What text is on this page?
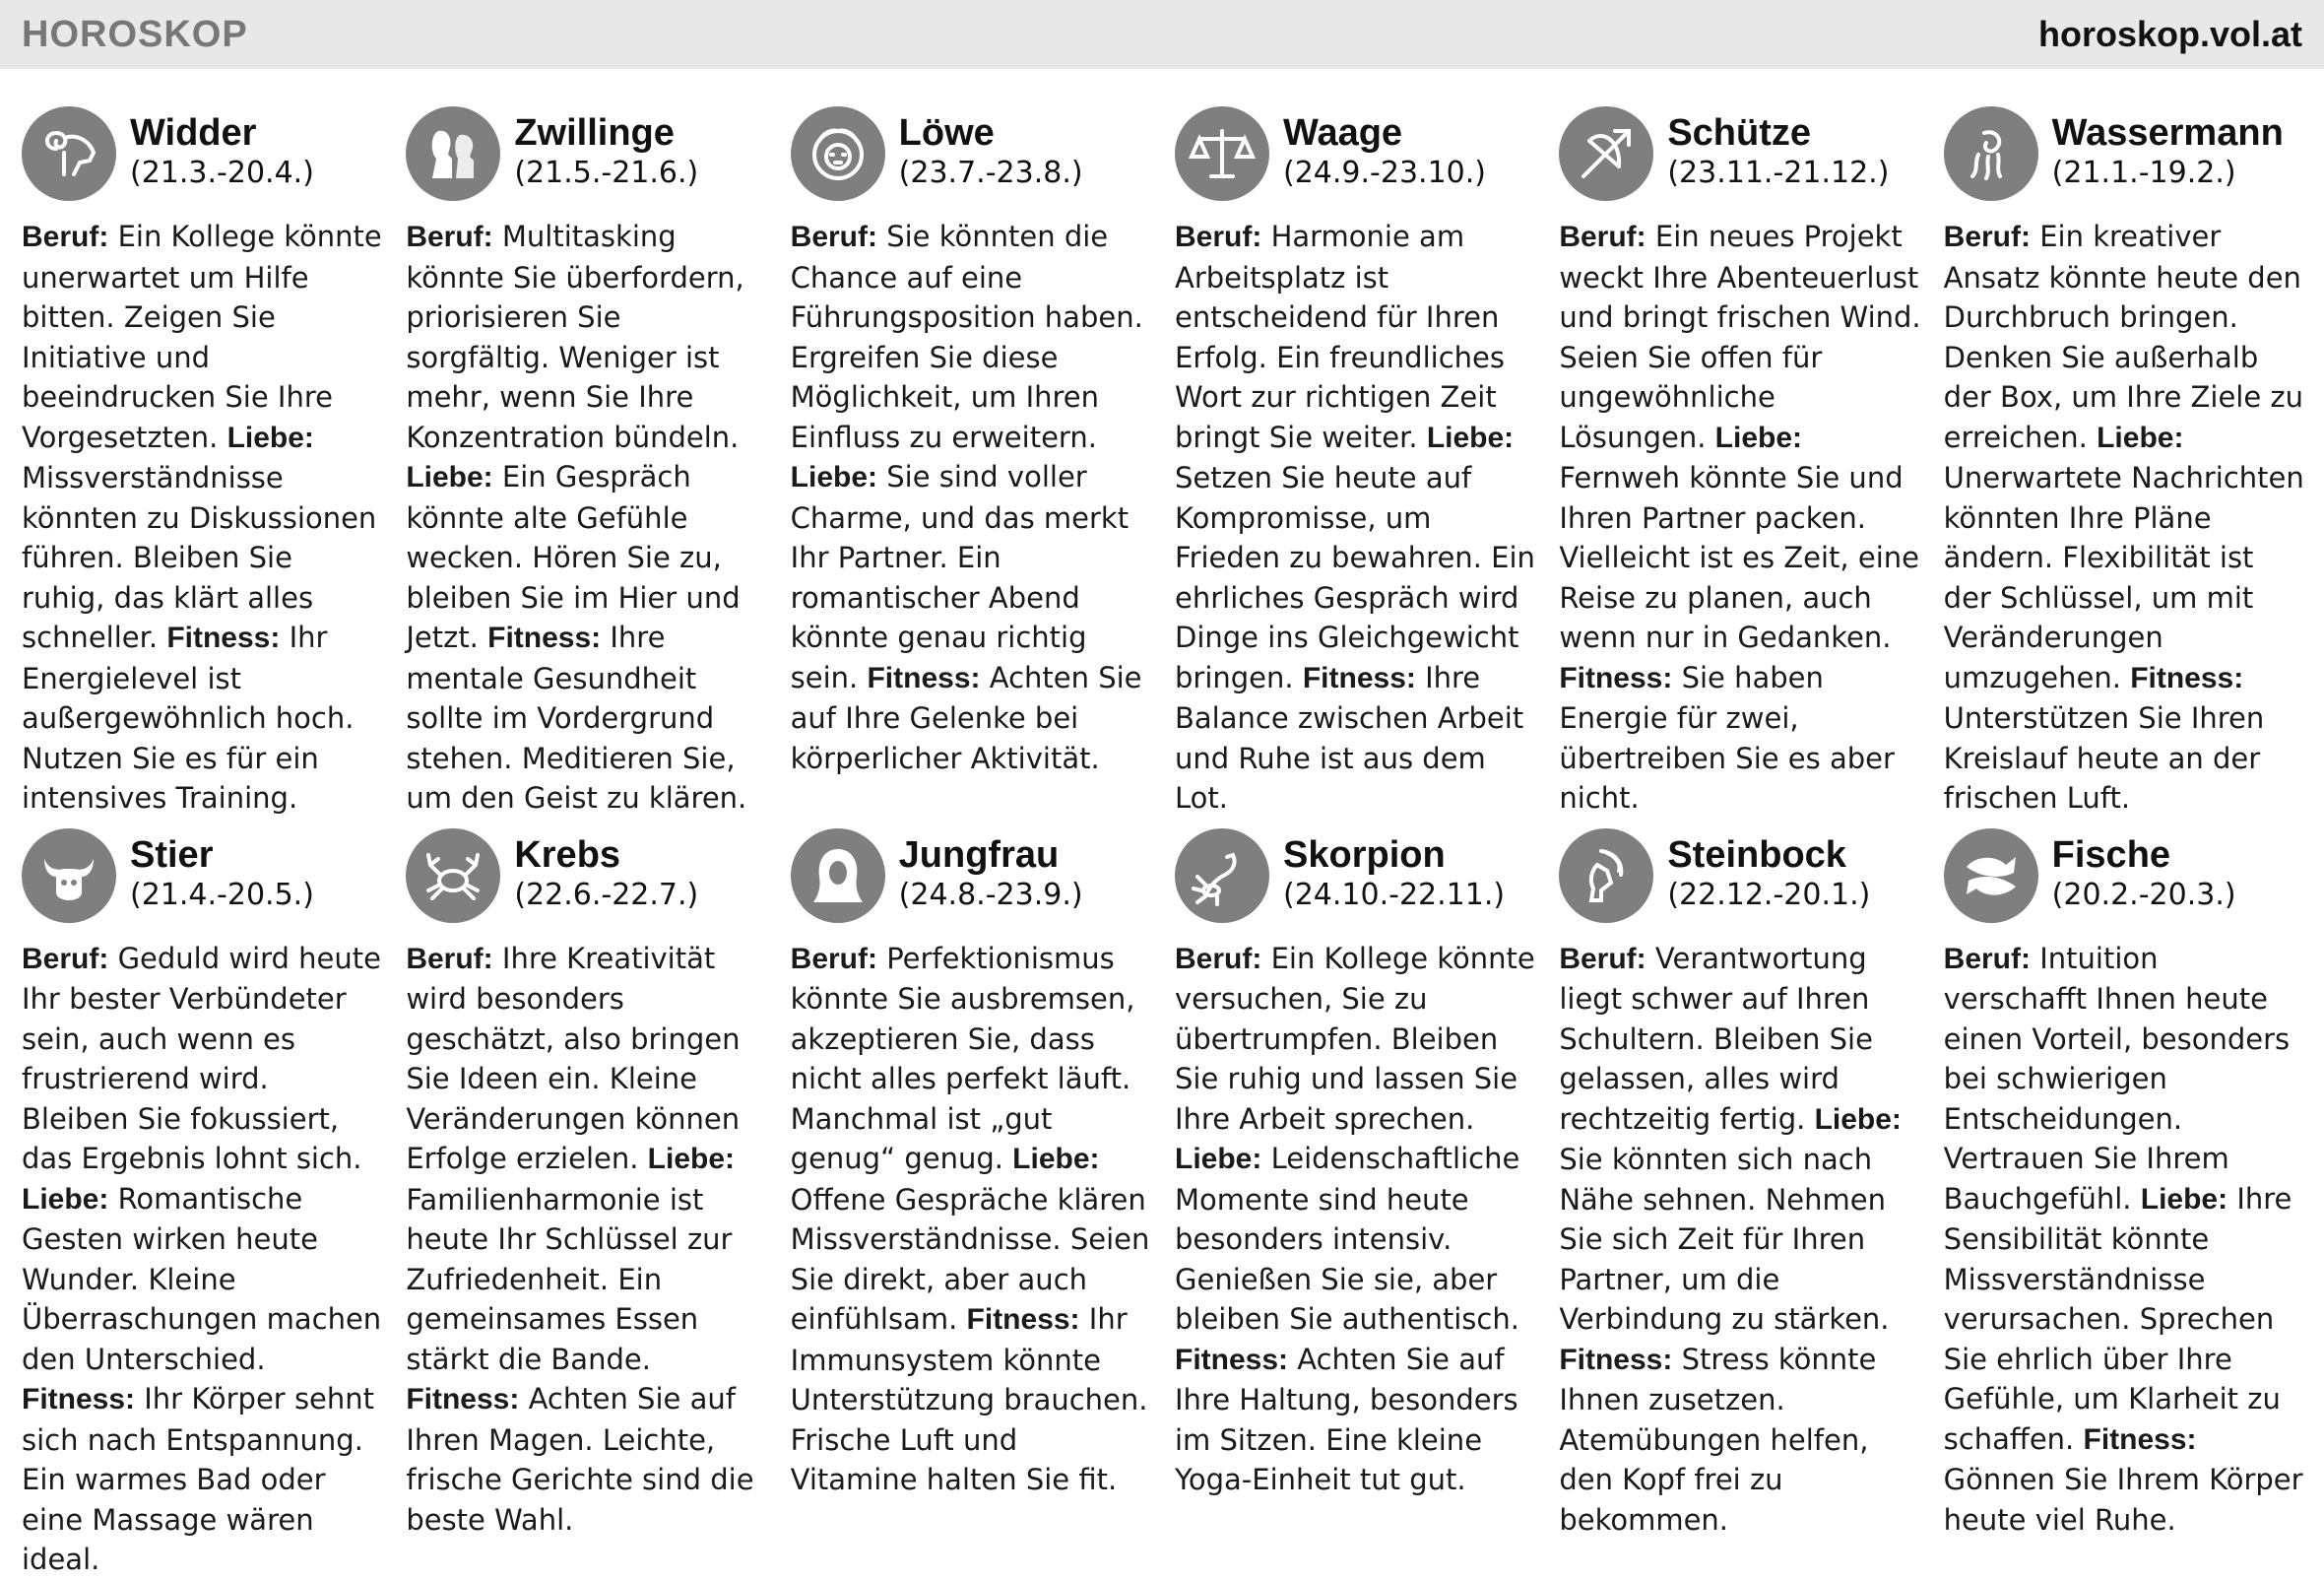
HOROSKOP	horoskop.vol.at
Widder
(21.3.-20.4.)

Beruf: Ein Kollege könnte unerwartet um Hilfe bitten. Zeigen Sie Initiative und beeindrucken Sie Ihre Vorgesetzten. Liebe: Missverständnisse könnten zu Diskussionen führen. Bleiben Sie ruhig, das klärt alles schneller. Fitness: Ihr Energielevel ist außergewöhnlich hoch. Nutzen Sie es für ein intensives Training.

Zwillinge
(21.5.-21.6.)

Beruf: Multitasking könnte Sie überfordern, priorisieren Sie sorgfältig. Weniger ist mehr, wenn Sie Ihre Konzentration bündeln. Liebe: Ein Gespräch könnte alte Gefühle wecken. Hören Sie zu, bleiben Sie im Hier und Jetzt. Fitness: Ihre mentale Gesundheit sollte im Vordergrund stehen. Meditieren Sie, um den Geist zu klären.

Löwe
(23.7.-23.8.)

Beruf: Sie könnten die Chance auf eine Führungsposition haben. Ergreifen Sie diese Möglichkeit, um Ihren Einfluss zu erweitern. Liebe: Sie sind voller Charme, und das merkt Ihr Partner. Ein romantischer Abend könnte genau richtig sein. Fitness: Achten Sie auf Ihre Gelenke bei körperlicher Aktivität.

Waage
(24.9.-23.10.)

Beruf: Harmonie am Arbeitsplatz ist entscheidend für Ihren Erfolg. Ein freundliches Wort zur richtigen Zeit bringt Sie weiter. Liebe: Setzen Sie heute auf Kompromisse, um Frieden zu bewahren. Ein ehrliches Gespräch wird Dinge ins Gleichgewicht bringen. Fitness: Ihre Balance zwischen Arbeit und Ruhe ist aus dem Lot.

Schütze
(23.11.-21.12.)

Beruf: Ein neues Projekt weckt Ihre Abenteuerlust und bringt frischen Wind. Seien Sie offen für ungewöhnliche Lösungen. Liebe: Fernweh könnte Sie und Ihren Partner packen. Vielleicht ist es Zeit, eine Reise zu planen, auch wenn nur in Gedanken. Fitness: Sie haben Energie für zwei, übertreiben Sie es aber nicht.

Wassermann
(21.1.-19.2.)

Beruf: Ein kreativer Ansatz könnte heute den Durchbruch bringen. Denken Sie außerhalb der Box, um Ihre Ziele zu erreichen. Liebe: Unerwartete Nachrichten könnten Ihre Pläne ändern. Flexibilität ist der Schlüssel, um mit Veränderungen umzugehen. Fitness: Unterstützen Sie Ihren Kreislauf heute an der frischen Luft.

Stier
(21.4.-20.5.)

Beruf: Geduld wird heute Ihr bester Verbündeter sein, auch wenn es frustrierend wird. Bleiben Sie fokussiert, das Ergebnis lohnt sich. Liebe: Romantische Gesten wirken heute Wunder. Kleine Überraschungen machen den Unterschied. Fitness: Ihr Körper sehnt sich nach Entspannung. Ein warmes Bad oder eine Massage wären ideal.

Krebs
(22.6.-22.7.)

Beruf: Ihre Kreativität wird besonders geschätzt, also bringen Sie Ideen ein. Kleine Veränderungen können Erfolge erzielen. Liebe: Familienharmonie ist heute Ihr Schlüssel zur Zufriedenheit. Ein gemeinsames Essen stärkt die Bande. Fitness: Achten Sie auf Ihren Magen. Leichte, frische Gerichte sind die beste Wahl.

Jungfrau
(24.8.-23.9.)

Beruf: Perfektionismus könnte Sie ausbremsen, akzeptieren Sie, dass nicht alles perfekt läuft. Manchmal ist „gut genug“ genug. Liebe: Offene Gespräche klären Missverständnisse. Seien Sie direkt, aber auch einfühlsam. Fitness: Ihr Immunsystem könnte Unterstützung brauchen. Frische Luft und Vitamine halten Sie fit.

Skorpion
(24.10.-22.11.)

Beruf: Ein Kollege könnte versuchen, Sie zu übertrumpfen. Bleiben Sie ruhig und lassen Sie Ihre Arbeit sprechen. Liebe: Leidenschaftliche Momente sind heute besonders intensiv. Genießen Sie sie, aber bleiben Sie authentisch. Fitness: Achten Sie auf Ihre Haltung, besonders im Sitzen. Eine kleine Yoga-Einheit tut gut.

Steinbock
(22.12.-20.1.)

Beruf: Verantwortung liegt schwer auf Ihren Schultern. Bleiben Sie gelassen, alles wird rechtzeitig fertig. Liebe: Sie könnten sich nach Nähe sehnen. Nehmen Sie sich Zeit für Ihren Partner, um die Verbindung zu stärken. Fitness: Stress könnte Ihnen zusetzen. Atemübungen helfen, den Kopf frei zu bekommen.

Fische
(20.2.-20.3.)

Beruf: Intuition verschafft Ihnen heute einen Vorteil, besonders bei schwierigen Entscheidungen. Vertrauen Sie Ihrem Bauchgefühl. Liebe: Ihre Sensibilität könnte Missverständnisse verursachen. Sprechen Sie ehrlich über Ihre Gefühle, um Klarheit zu schaffen. Fitness: Gönnen Sie Ihrem Körper heute viel Ruhe.
